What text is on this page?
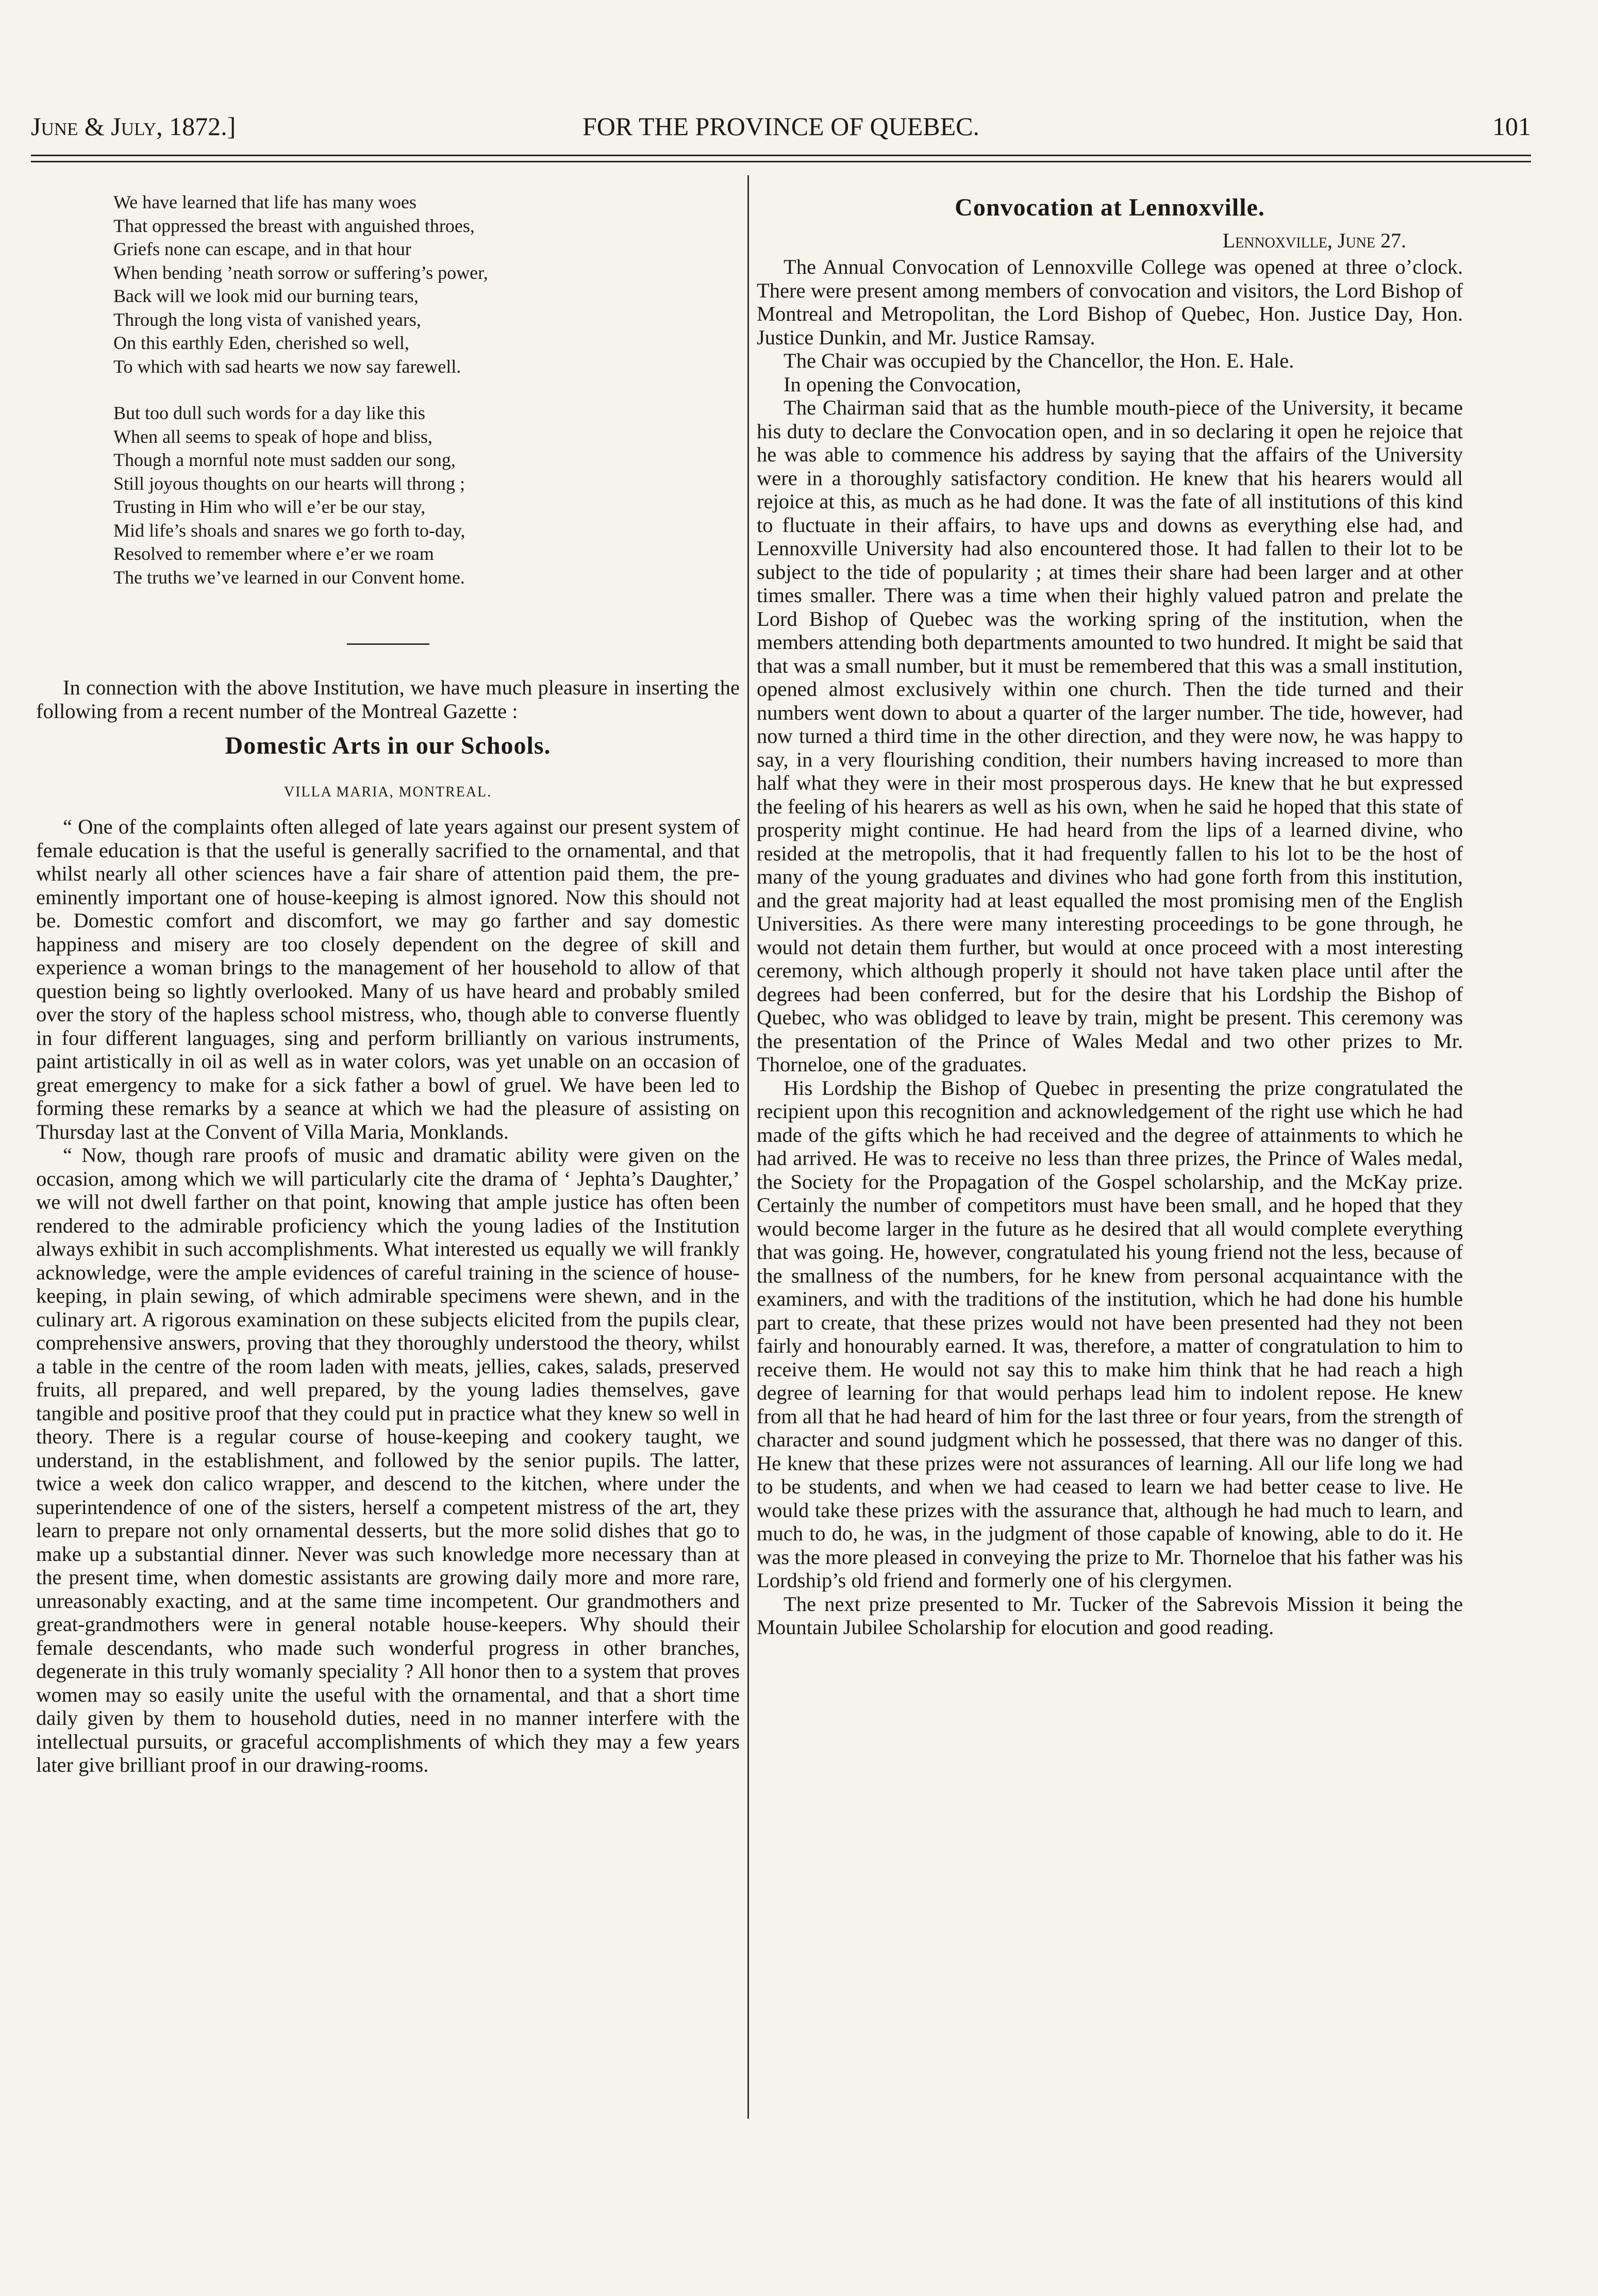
June & July, 1872.]	FOR THE PROVINCE OF QUEBEC.	101
We have learned that life has many woes
That oppressed the breast with anguished throes,
Griefs none can escape, and in that hour
When bending ’neath sorrow or suffering’s power,
Back will we look mid our burning tears,
Through the long vista of vanished years,
On this earthly Eden, cherished so well,
To which with sad hearts we now say farewell.
But too dull such words for a day like this
When all seems to speak of hope and bliss,
Though a mornful note must sadden our song,
Still joyous thoughts on our hearts will throng ;
Trusting in Him who will e’er be our stay,
Mid life’s shoals and snares we go forth to-day,
Resolved to remember where e’er we roam
The truths we’ve learned in our Convent home.

In connection with the above Institution, we have much pleasure in inserting the following from a recent number of the Montreal Gazette :

Domestic Arts in our Schools.
VILLA MARIA, MONTREAL.

“ One of the complaints often alleged of late years against our present system of female education is that the useful is generally sacrified to the ornamental, and that whilst nearly all other sciences have a fair share of attention paid them, the pre-eminently important one of house-keeping is almost ignored. Now this should not be. Domestic comfort and discomfort, we may go farther and say domestic happiness and misery are too closely dependent on the degree of skill and experience a woman brings to the management of her household to allow of that question being so lightly overlooked. Many of us have heard and probably smiled over the story of the hapless school mistress, who, though able to converse fluently in four different languages, sing and perform brilliantly on various instruments, paint artistically in oil as well as in water colors, was yet unable on an occasion of great emergency to make for a sick father a bowl of gruel. We have been led to forming these remarks by a seance at which we had the pleasure of assisting on Thursday last at the Convent of Villa Maria, Monklands.

“ Now, though rare proofs of music and dramatic ability were given on the occasion, among which we will particularly cite the drama of ‘ Jephta’s Daughter,’ we will not dwell farther on that point, knowing that ample justice has often been rendered to the admirable proficiency which the young ladies of the Institution always exhibit in such accomplishments. What interested us equally we will frankly acknowledge, were the ample evidences of careful training in the science of house-keeping, in plain sewing, of which admirable specimens were shewn, and in the culinary art. A rigorous examination on these subjects elicited from the pupils clear, comprehensive answers, proving that they thoroughly understood the theory, whilst a table in the centre of the room laden with meats, jellies, cakes, salads, preserved fruits, all prepared, and well prepared, by the young ladies themselves, gave tangible and positive proof that they could put in practice what they knew so well in theory. There is a regular course of house-keeping and cookery taught, we understand, in the establishment, and followed by the senior pupils. The latter, twice a week don calico wrapper, and descend to the kitchen, where under the superintendence of one of the sisters, herself a competent mistress of the art, they learn to prepare not only ornamental desserts, but the more solid dishes that go to make up a substantial dinner. Never was such knowledge more necessary than at the present time, when domestic assistants are growing daily more and more rare, unreasonably exacting, and at the same time incompetent. Our grandmothers and great-grandmothers were in general notable house-keepers. Why should their female descendants, who made such wonderful progress in other branches, degenerate in this truly womanly speciality ? All honor then to a system that proves women may so easily unite the useful with the ornamental, and that a short time daily given by them to household duties, need in no manner interfere with the intellectual pursuits, or graceful accomplishments of which they may a few years later give brilliant proof in our drawing-rooms.

Convocation at Lennoxville.
Lennoxville, June 27.

The Annual Convocation of Lennoxville College was opened at three o’clock. There were present among members of convocation and visitors, the Lord Bishop of Montreal and Metropolitan, the Lord Bishop of Quebec, Hon. Justice Day, Hon. Justice Dunkin, and Mr. Justice Ramsay.

The Chair was occupied by the Chancellor, the Hon. E. Hale.

In opening the Convocation,

The Chairman said that as the humble mouth-piece of the University, it became his duty to declare the Convocation open, and in so declaring it open he rejoice that he was able to commence his address by saying that the affairs of the University were in a thoroughly satisfactory condition. He knew that his hearers would all rejoice at this, as much as he had done. It was the fate of all institutions of this kind to fluctuate in their affairs, to have ups and downs as everything else had, and Lennoxville University had also encountered those. It had fallen to their lot to be subject to the tide of popularity ; at times their share had been larger and at other times smaller. There was a time when their highly valued patron and prelate the Lord Bishop of Quebec was the working spring of the institution, when the members attending both departments amounted to two hundred. It might be said that that was a small number, but it must be remembered that this was a small institution, opened almost exclusively within one church. Then the tide turned and their numbers went down to about a quarter of the larger number. The tide, however, had now turned a third time in the other direction, and they were now, he was happy to say, in a very flourishing condition, their numbers having increased to more than half what they were in their most prosperous days. He knew that he but expressed the feeling of his hearers as well as his own, when he said he hoped that this state of prosperity might continue. He had heard from the lips of a learned divine, who resided at the metropolis, that it had frequently fallen to his lot to be the host of many of the young graduates and divines who had gone forth from this institution, and the great majority had at least equalled the most promising men of the English Universities. As there were many interesting proceedings to be gone through, he would not detain them further, but would at once proceed with a most interesting ceremony, which although properly it should not have taken place until after the degrees had been conferred, but for the desire that his Lordship the Bishop of Quebec, who was oblidged to leave by train, might be present. This ceremony was the presentation of the Prince of Wales Medal and two other prizes to Mr. Thorneloe, one of the graduates.

His Lordship the Bishop of Quebec in presenting the prize congratulated the recipient upon this recognition and acknowledgement of the right use which he had made of the gifts which he had received and the degree of attainments to which he had arrived. He was to receive no less than three prizes, the Prince of Wales medal, the Society for the Propagation of the Gospel scholarship, and the McKay prize. Certainly the number of competitors must have been small, and he hoped that they would become larger in the future as he desired that all would complete everything that was going. He, however, congratulated his young friend not the less, because of the smallness of the numbers, for he knew from personal acquaintance with the examiners, and with the traditions of the institution, which he had done his humble part to create, that these prizes would not have been presented had they not been fairly and honourably earned. It was, therefore, a matter of congratulation to him to receive them. He would not say this to make him think that he had reach a high degree of learning for that would perhaps lead him to indolent repose. He knew from all that he had heard of him for the last three or four years, from the strength of character and sound judgment which he possessed, that there was no danger of this. He knew that these prizes were not assurances of learning. All our life long we had to be students, and when we had ceased to learn we had better cease to live. He would take these prizes with the assurance that, although he had much to learn, and much to do, he was, in the judgment of those capable of knowing, able to do it. He was the more pleased in conveying the prize to Mr. Thorneloe that his father was his Lordship’s old friend and formerly one of his clergymen.

The next prize presented to Mr. Tucker of the Sabrevois Mission it being the Mountain Jubilee Scholarship for elocution and good reading.
